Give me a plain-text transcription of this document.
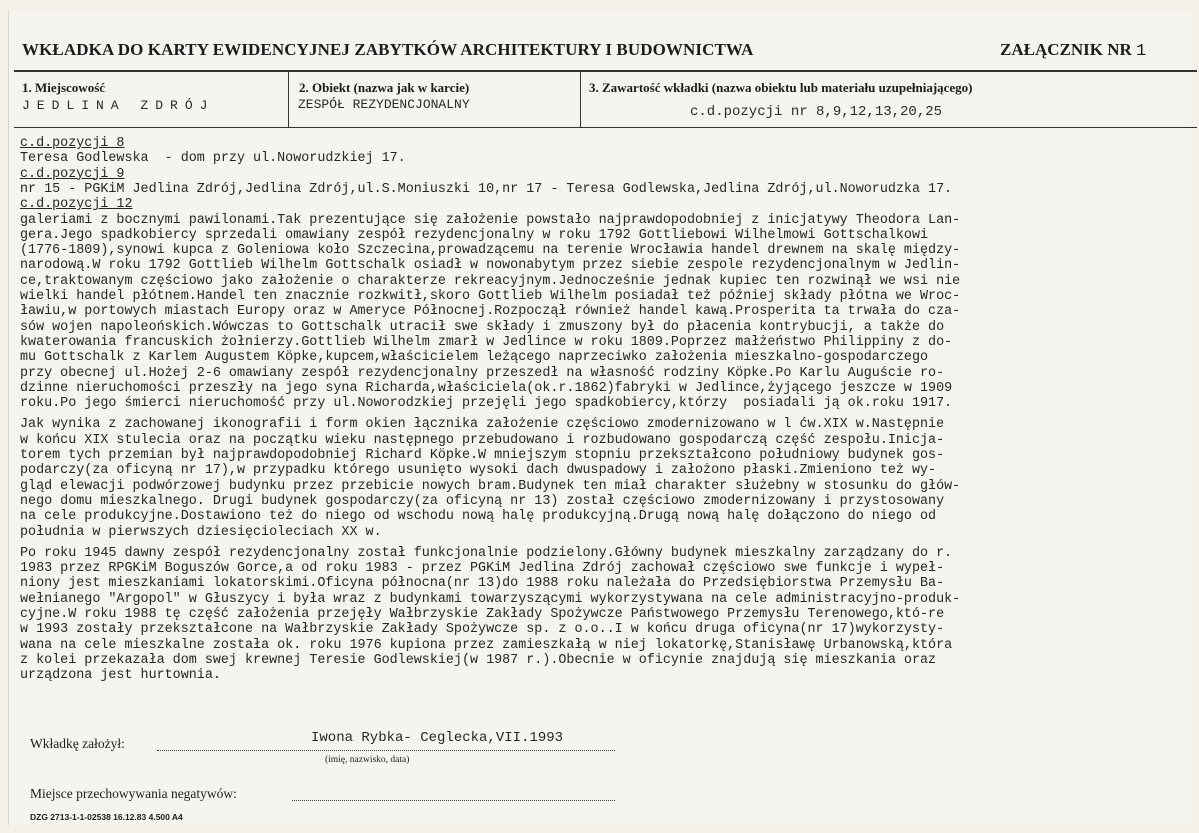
WKŁADKA DO KARTY EWIDENCYJNEJ ZABYTKÓW ARCHITEKTURY I BUDOWNICTWA	ZAŁĄCZNIK NR 1
1. Miejscowość
JEDLINA ZDRÓJ
2. Obiekt (nazwa jak w karcie)
ZESPÓŁ REZYDENCJONALNY
3. Zawartość wkładki (nazwa obiektu lub materiału uzupełniającego)
c.d.pozycji nr 8,9,12,13,20,25
c.d.pozycji 8
Teresa Godlewska  - dom przy ul.Noworudzkiej 17.
c.d.pozycji 9
nr 15 - PGKiM Jedlina Zdrój,Jedlina Zdrój,ul.S.Moniuszki 10,nr 17 - Teresa Godlewska,Jedlina Zdrój,ul.Noworudzka 17.
c.d.pozycji 12
galeriami z bocznymi pawilonami.Tak prezentujące się założenie powstało najprawdopodobniej z inicjatywy Theodora Lan-
gera.Jego spadkobiercy sprzedali omawiany zespół rezydencjonalny w roku 1792 Gottliebowi Wilhelmowi Gottschalkowi
(1776-1809),synowi kupca z Goleniowa koło Szczecina,prowadzącemu na terenie Wrocławia handel drewnem na skalę między-
narodową.W roku 1792 Gottlieb Wilhelm Gottschalk osiadł w nowonabytym przez siebie zespole rezydencjonalnym w Jedlin-
ce,traktowanym częściowo jako założenie o charakterze rekreacyjnym.Jednocześnie jednak kupiec ten rozwinął we wsi nie
wielki handel płótnem.Handel ten znacznie rozkwitł,skoro Gottlieb Wilhelm posiadał też później składy płótna we Wroc-
ławiu,w portowych miastach Europy oraz w Ameryce Północnej.Rozpoczął również handel kawą.Prosperita ta trwała do cza-
sów wojen napoleońskich.Wówczas to Gottschalk utracił swe składy i zmuszony był do płacenia kontrybucji, a także do
kwaterowania francuskich żołnierzy.Gottlieb Wilhelm zmarł w Jedlince w roku 1809.Poprzez małżeństwo Philippiny z do-
mu Gottschalk z Karlem Augustem Köpke,kupcem,właścicielem leżącego naprzeciwko założenia mieszkalno-gospodarczego
przy obecnej ul.Hożej 2-6 omawiany zespół rezydencjonalny przeszedł na własność rodziny Köpke.Po Karlu Auguście ro-
dzinne nieruchomości przeszły na jego syna Richarda,właściciela(ok.r.1862)fabryki w Jedlince,żyjącego jeszcze w 1909
roku.Po jego śmierci nieruchomość przy ul.Noworodzkiej przejęli jego spadkobiercy,którzy  posiadali ją ok.roku 1917.
Jak wynika z zachowanej ikonografii i form okien łącznika założenie częściowo zmodernizowano w l ćw.XIX w.Następnie
w końcu XIX stulecia oraz na początku wieku następnego przebudowano i rozbudowano gospodarczą część zespołu.Inicja-
torem tych przemian był najprawdopodobniej Richard Köpke.W mniejszym stopniu przekształcono południowy budynek gos-
podarczy(za oficyną nr 17),w przypadku którego usunięto wysoki dach dwuspadowy i założono płaski.Zmieniono też wy-
gląd elewacji podwórzowej budynku przez przebicie nowych bram.Budynek ten miał charakter służebny w stosunku do głów-
nego domu mieszkalnego. Drugi budynek gospodarczy(za oficyną nr 13) został częściowo zmodernizowany i przystosowany
na cele produkcyjne.Dostawiono też do niego od wschodu nową halę produkcyjną.Drugą nową halę dołączono do niego od
południa w pierwszych dziesięcioleciach XX w.
Po roku 1945 dawny zespół rezydencjonalny został funkcjonalnie podzielony.Główny budynek mieszkalny zarządzany do r.
1983 przez RPGKiM Boguszów Gorce,a od roku 1983 - przez PGKiM Jedlina Zdrój zachował częściowo swe funkcje i wypeł-
niony jest mieszkaniami lokatorskimi.Oficyna północna(nr 13)do 1988 roku należała do Przedsiębiorstwa Przemysłu Ba-
wełnianego "Argopol" w Głuszycy i była wraz z budynkami towarzyszącymi wykorzystywana na cele administracyjno-produk-
cyjne.W roku 1988 tę część założenia przejęły Wałbrzyskie Zakłady Spożywcze Państwowego Przemysłu Terenowego,któ-re
w 1993 zostały przekształcone na Wałbrzyskie Zakłady Spożywcze sp. z o.o..I w końcu druga oficyna(nr 17)wykorzysty-
wana na cele mieszkalne została ok. roku 1976 kupiona przez zamieszkałą w niej lokatorkę,Stanisławę Urbanowską,która
z kolei przekazała dom swej krewnej Teresie Godlewskiej(w 1987 r.).Obecnie w oficynie znajdują się mieszkania oraz
urządzona jest hurtownia.
Wkładkę założył:	Iwona Rybka- Ceglecka,VII.1993
(imię, nazwisko, data)
Miejsce przechowywania negatywów:
DZG 2713-1-1-02538 16.12.83 4.500 A4
